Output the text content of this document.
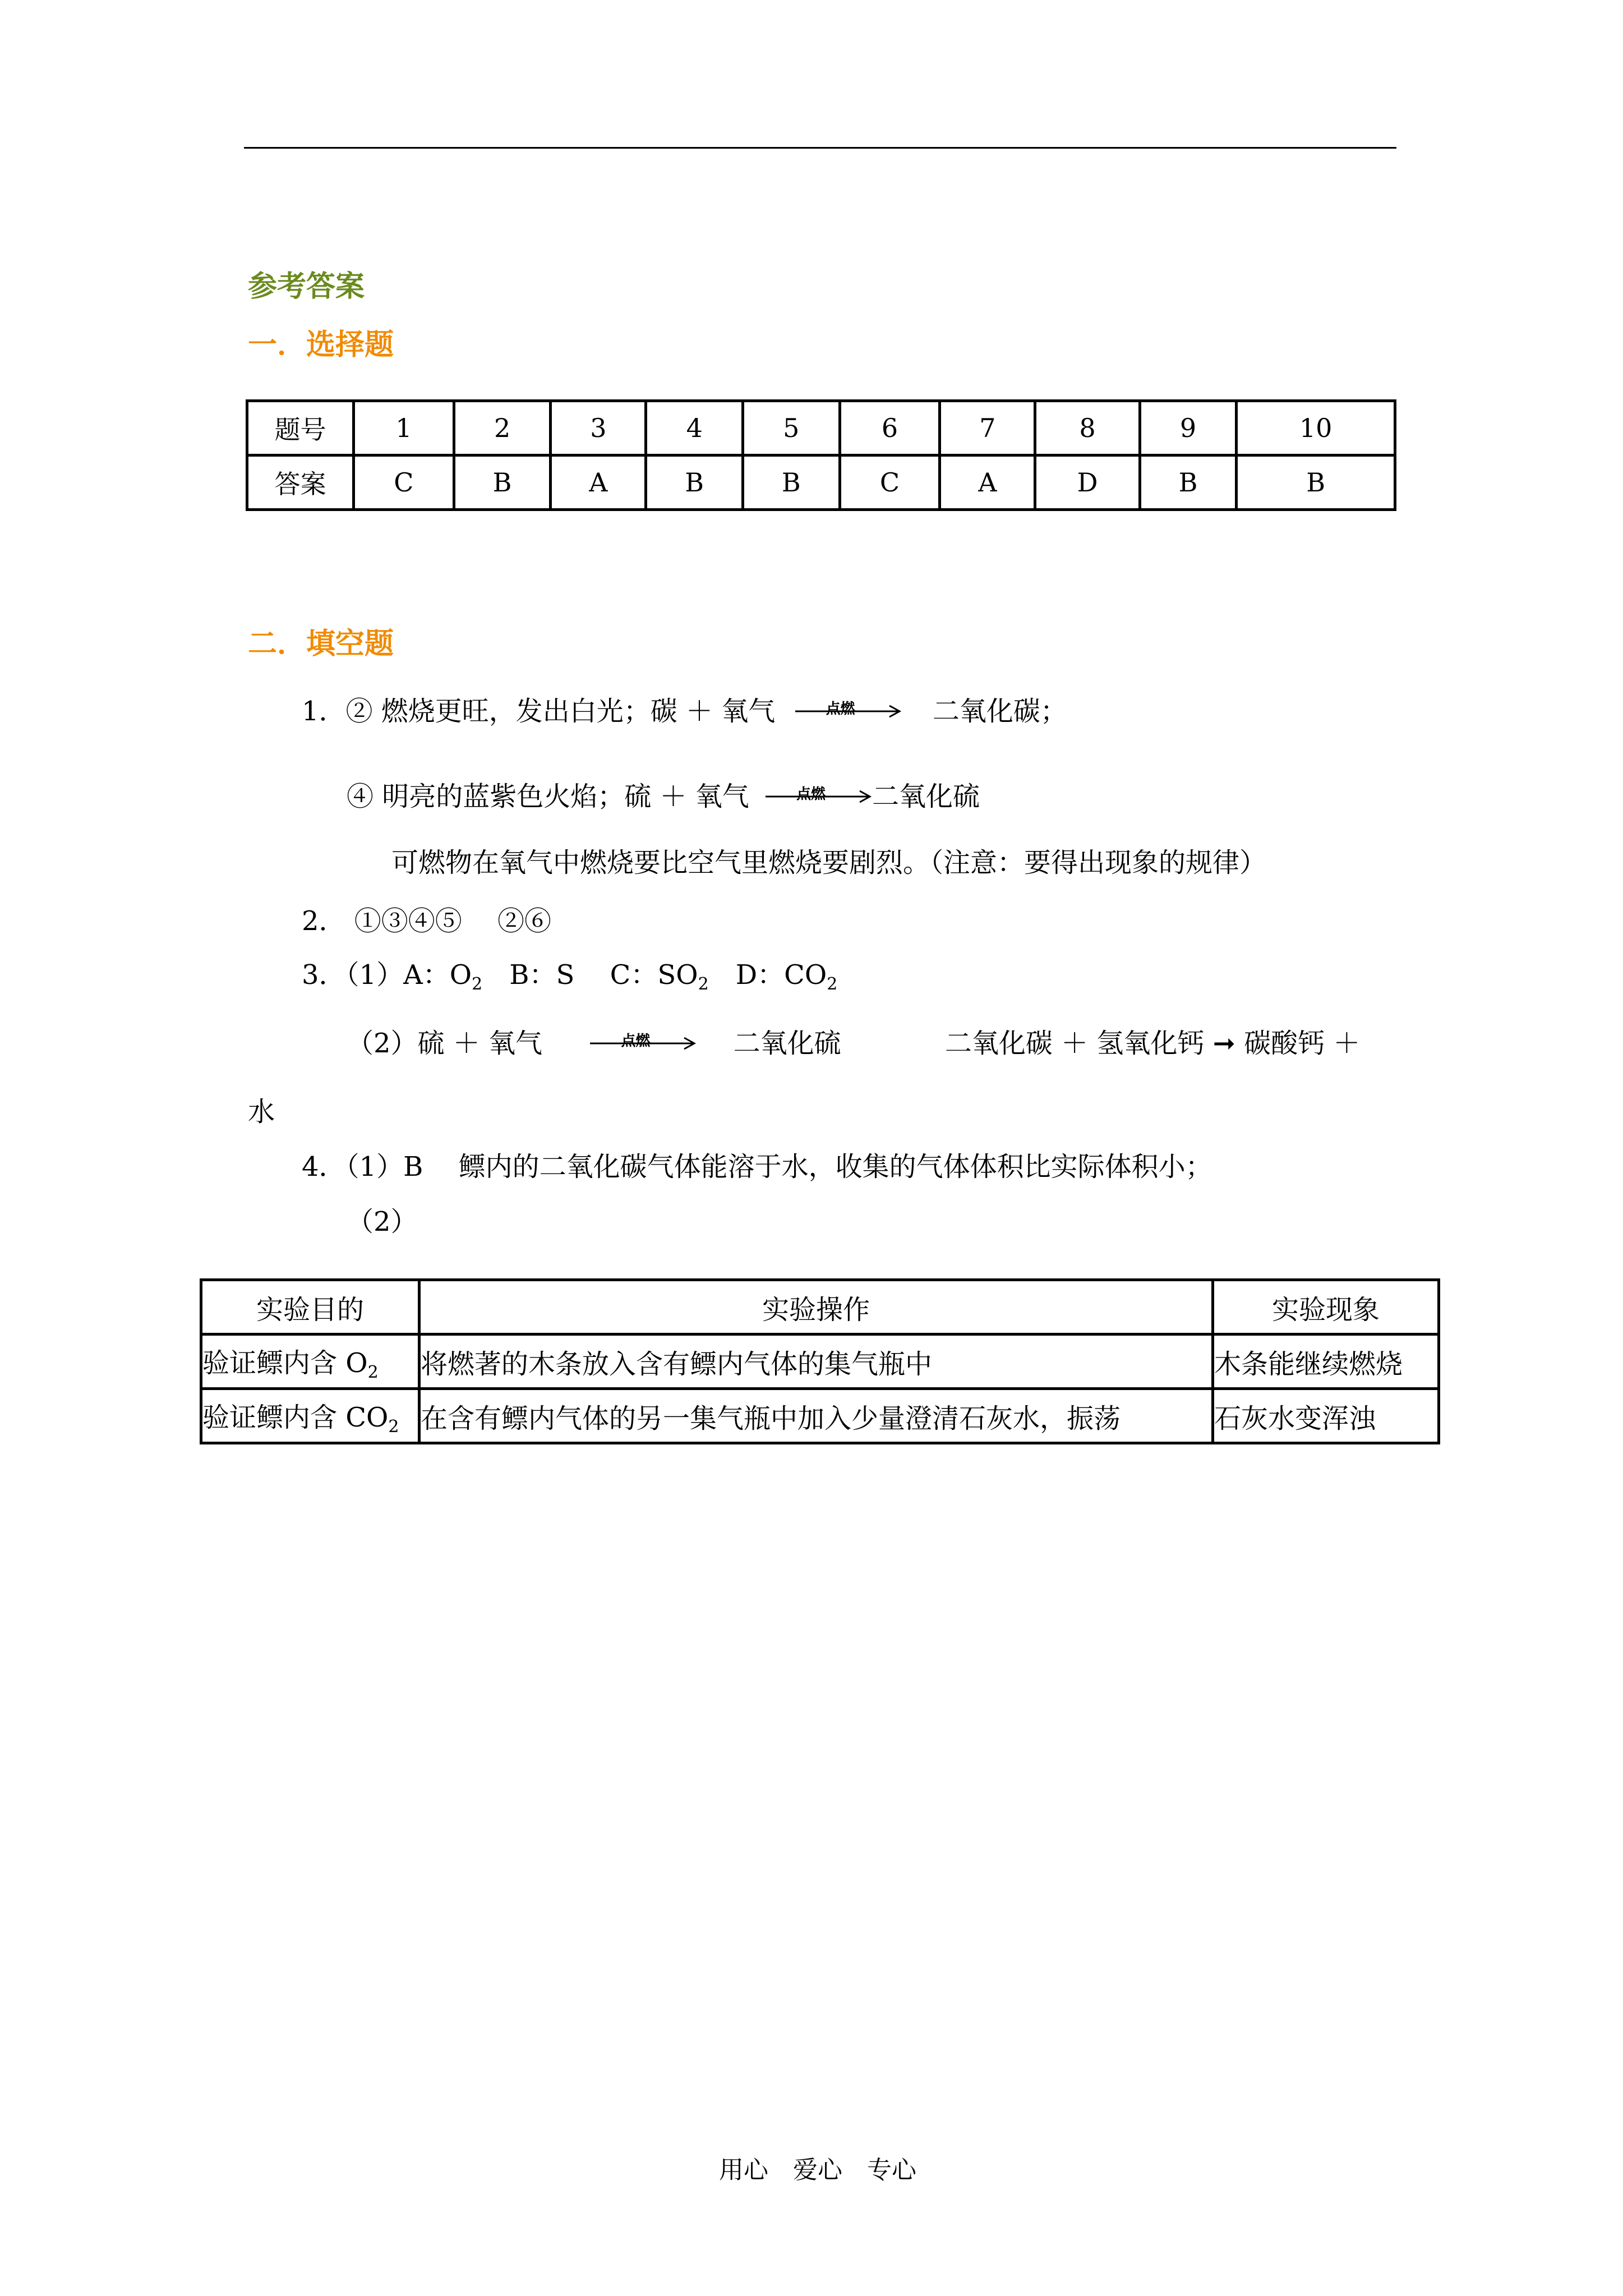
参考答案
一．选择题
题号	1	2	3	4	5	6	7	8	9	10
答案	C	B	A	B	B	C	A	D	B	B
二．填空题
1．② 燃烧更旺，发出白光；碳 ＋ 氧气	点燃	二氧化碳；
④ 明亮的蓝紫色火焰；硫 ＋ 氧气	点燃 二氧化硫
可燃物在氧气中燃烧要比空气里燃烧要剧烈。（注意：要得出现象的规律）
2． ①③④⑤　 ②⑥
3．（1）A：$O_2$　B：S　 C：$SO_2$　D：$CO_2$
（2）硫 ＋ 氧气	点燃	二氧化硫	二氧化碳 ＋ 氢氧化钙 ➞ 碳酸钙 ＋
水
4．（1）B　 鳔内的二氧化碳气体能溶于水，收集的气体体积比实际体积小；
（2）
实验目的	实验操作	实验现象
验证鳔内含 $O_2$	将燃著的木条放入含有鳔内气体的集气瓶中	木条能继续燃烧
验证鳔内含 $CO_2$	在含有鳔内气体的另一集气瓶中加入少量澄清石灰水，振荡	石灰水变浑浊
用心 爱心 专心
